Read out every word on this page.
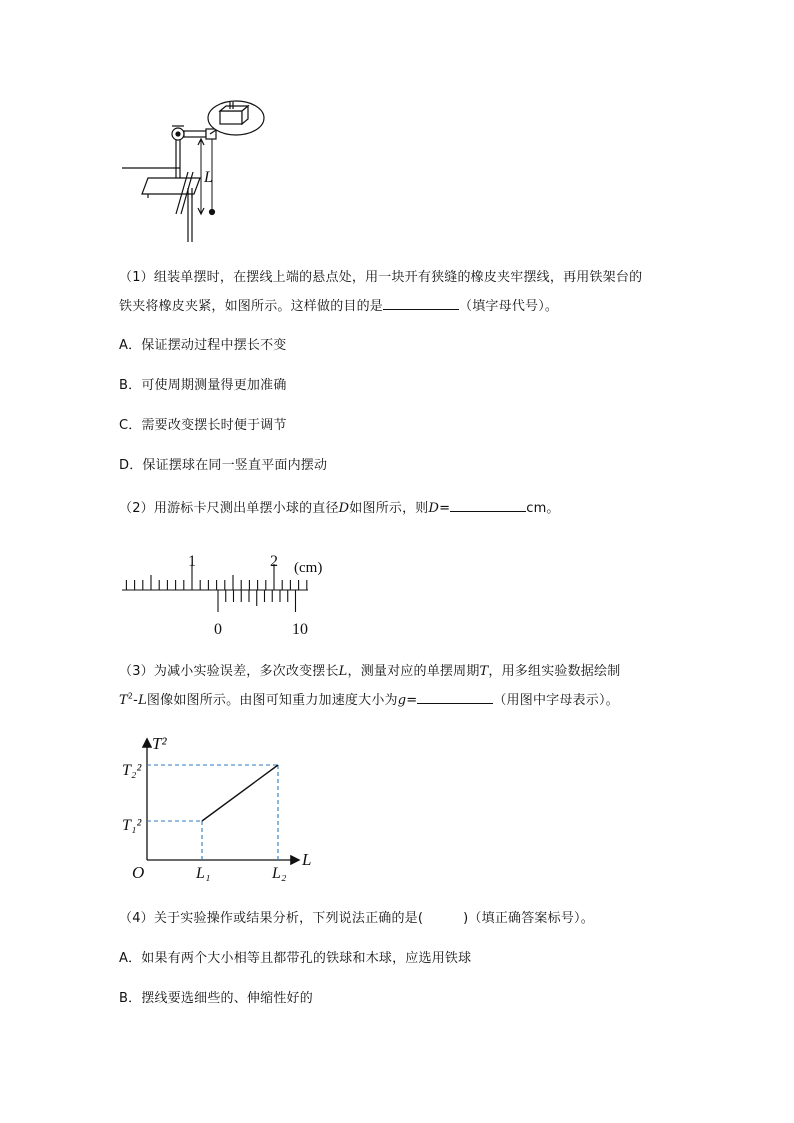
L
（1）组装单摆时，在摆线上端的悬点处，用一块开有狭缝的橡皮夹牢摆线，再用铁架台的
铁夹将橡皮夹紧，如图所示。这样做的目的是	（填字母代号）。
A．保证摆动过程中摆长不变
B．可使周期测量得更加准确
C．需要改变摆长时便于调节
D．保证摆球在同一竖直平面内摆动
（2）用游标卡尺测出单摆小球的直径D如图所示，则D=	cm。
1	2 (cm)
0	10
（3）为减小实验误差，多次改变摆长L，测量对应的单摆周期T，用多组实验数据绘制
$T^2-L$图像如图所示。由图可知重力加速度大小为g=	（用图中字母表示）。
T²
L
O
T₂²
T₁²
L₁	L₂
（4）关于实验操作或结果分析，下列说法正确的是(	)（填正确答案标号）。
A．如果有两个大小相等且都带孔的铁球和木球，应选用铁球
B．摆线要选细些的、伸缩性好的
